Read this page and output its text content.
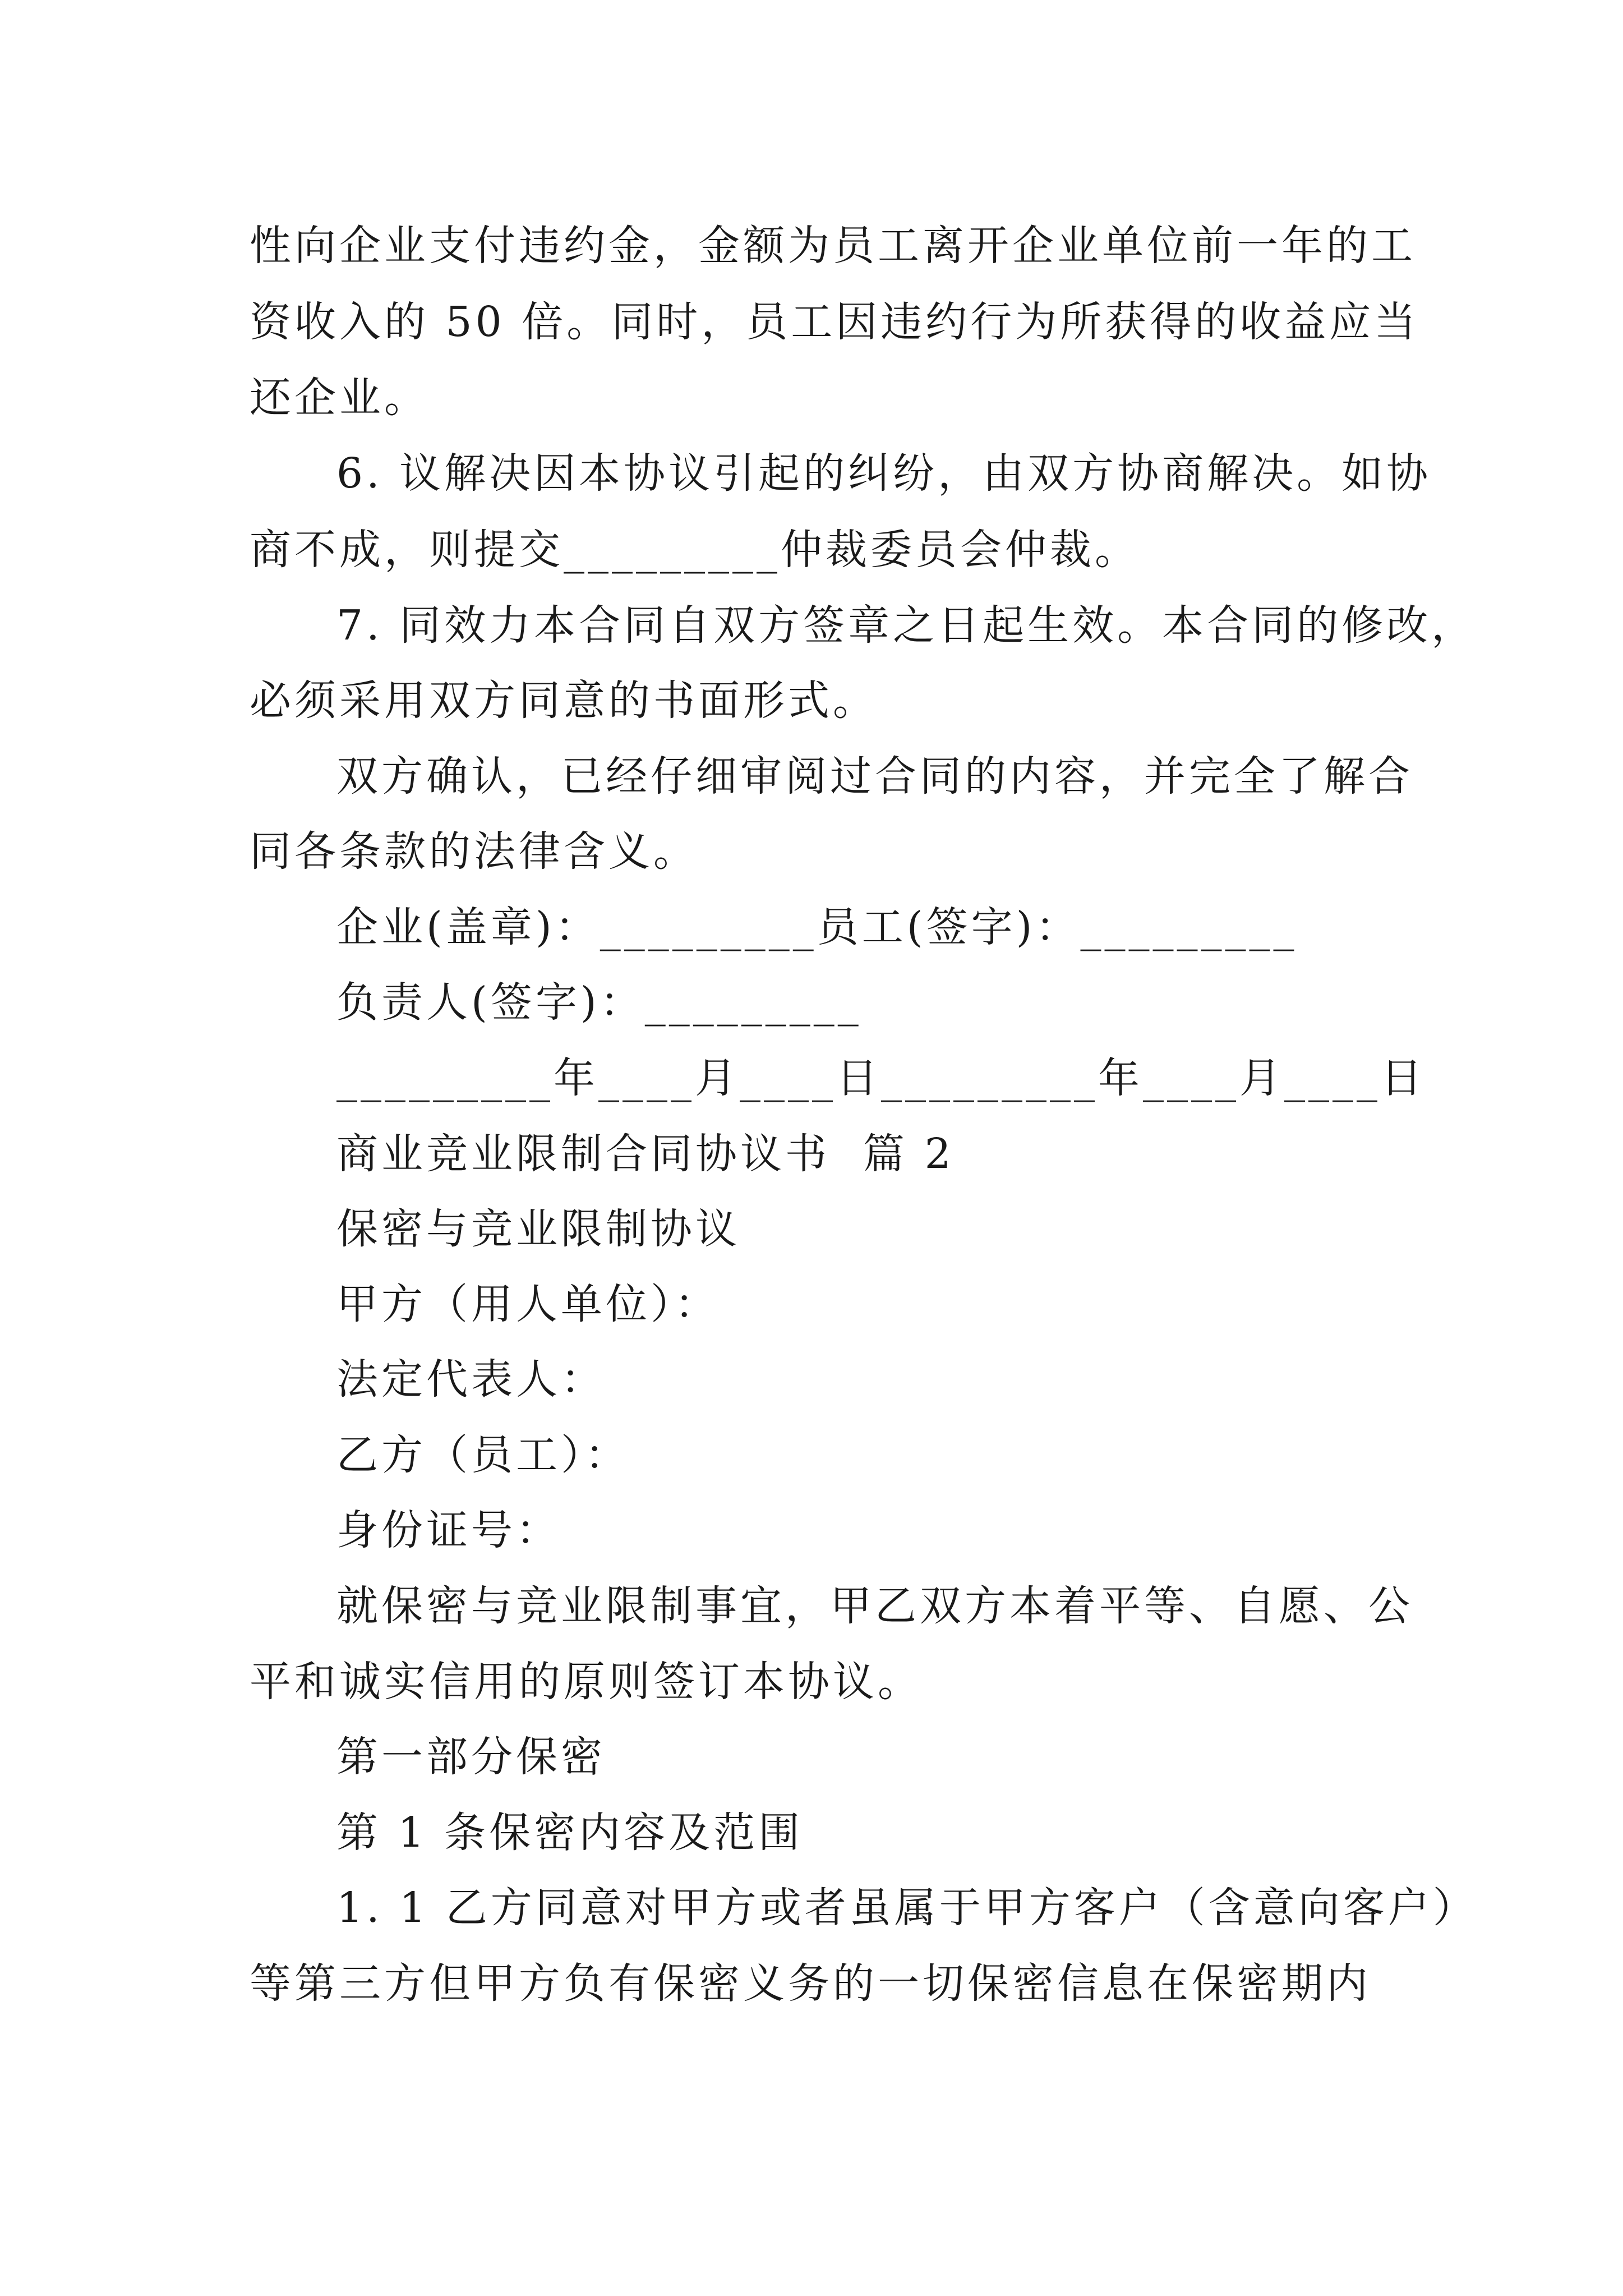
性向企业支付违约金，金额为员工离开企业单位前一年的工
资收入的 50 倍。同时，员工因违约行为所获得的收益应当
还企业。
6. 议解决因本协议引起的纠纷，由双方协商解决。如协
商不成，则提交_________仲裁委员会仲裁。
7. 同效力本合同自双方签章之日起生效。本合同的修改，
必须采用双方同意的书面形式。
双方确认，已经仔细审阅过合同的内容，并完全了解合
同各条款的法律含义。
企业(盖章)：_________员工(签字)：_________
负责人(签字)：_________
_________年____月____日_________年____月____日
商业竞业限制合同协议书  篇 2
保密与竞业限制协议
甲方（用人单位）：
法定代表人：
乙方（员工）：
身份证号：
就保密与竞业限制事宜，甲乙双方本着平等、自愿、公
平和诚实信用的原则签订本协议。
第一部分保密
第 1 条保密内容及范围
1. 1 乙方同意对甲方或者虽属于甲方客户（含意向客户）
等第三方但甲方负有保密义务的一切保密信息在保密期内
